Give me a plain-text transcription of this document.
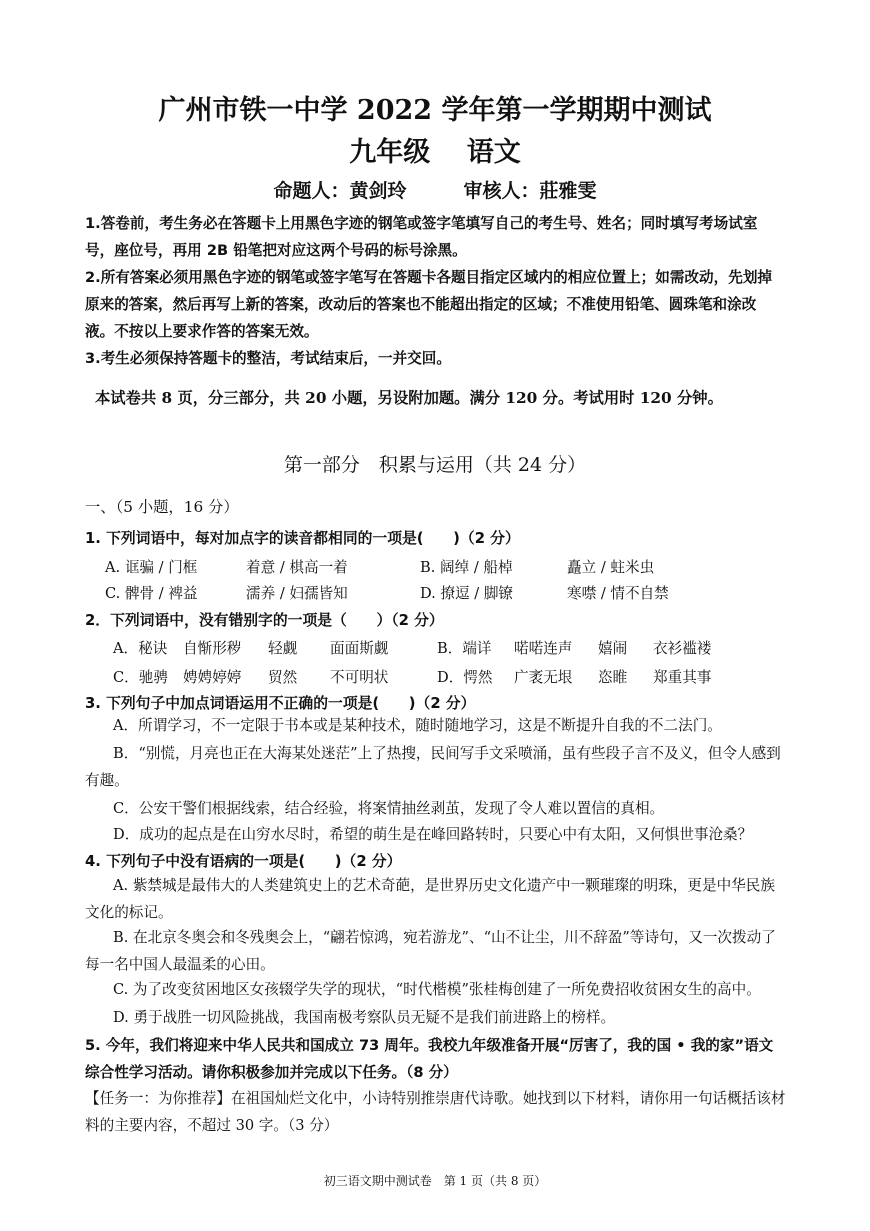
广州市铁一中学 2022 学年第一学期期中测试
九年级　 语文
命题人：黄剑玲　　　审核人：莊雅雯
1.答卷前，考生务必在答题卡上用黑色字迹的钢笔或签字笔填写自己的考生号、姓名；同时填写考场试室号，座位号，再用 2B 铅笔把对应这两个号码的标号涂黑。
2.所有答案必须用黑色字迹的钢笔或签字笔写在答题卡各题目指定区域内的相应位置上；如需改动，先划掉原来的答案，然后再写上新的答案，改动后的答案也不能超出指定的区域；不准使用铅笔、圆珠笔和涂改液。不按以上要求作答的答案无效。
3.考生必须保持答题卡的整洁，考试结束后，一并交回。
本试卷共 8 页，分三部分，共 20 小题，另设附加题。满分 120 分。考试用时 120 分钟。
第一部分　积累与运用（共 24 分）
一、（5 小题，16 分）
1. 下列词语中，每对加点字的读音都相同的一项是(　　)（2 分）
A. 诓骗 / 门框	着意 / 棋高一着	B. 阔绰 / 船棹	矗立 / 蛀米虫
C. 髀骨 / 裨益	濡养 / 妇孺皆知	D. 撩逗 / 脚镣	寒噤 / 情不自禁
2．下列词语中，没有错别字的一项是（　　）（2 分）
A．秘诀 自惭形秽 轻觑 面面斯觑	B．端详 喏喏连声 嬉闹 衣衫褴褛
C．驰骋 娉娉婷婷 贸然 不可明状	D．愕然 广袤无垠 恣睢 郑重其事
3. 下列句子中加点词语运用不正确的一项是(　　)（2 分）
A．所谓学习，不一定限于书本或是某种技术，随时随地学习，这是不断提升自我的不二法门。
B．“别慌，月亮也正在大海某处迷茫”上了热搜，民间写手文采喷涌，虽有些段子言不及义，但令人感到有趣。
C．公安干警们根据线索，结合经验，将案情抽丝剥茧，发现了令人难以置信的真相。
D．成功的起点是在山穷水尽时，希望的萌生是在峰回路转时，只要心中有太阳，又何惧世事沧桑？
4. 下列句子中没有语病的一项是(　　)（2 分）
A. 紫禁城是最伟大的人类建筑史上的艺术奇葩，是世界历史文化遗产中一颗璀璨的明珠，更是中华民族文化的标记。
B. 在北京冬奥会和冬残奥会上，“翩若惊鸿，宛若游龙”、“山不让尘，川不辞盈”等诗句，又一次拨动了每一名中国人最温柔的心田。
C. 为了改变贫困地区女孩辍学失学的现状，“时代楷模”张桂梅创建了一所免费招收贫困女生的高中。
D. 勇于战胜一切风险挑战，我国南极考察队员无疑不是我们前进路上的榜样。
5. 今年，我们将迎来中华人民共和国成立 73 周年。我校九年级准备开展“厉害了，我的国 • 我的家”语文综合性学习活动。请你积极参加并完成以下任务。（8 分）
【任务一：为你推荐】在祖国灿烂文化中，小诗特别推崇唐代诗歌。她找到以下材料，请你用一句话概括该材料的主要内容，不超过 30 字。（3 分）
初三语文期中测试卷　第 1 页（共 8 页）
